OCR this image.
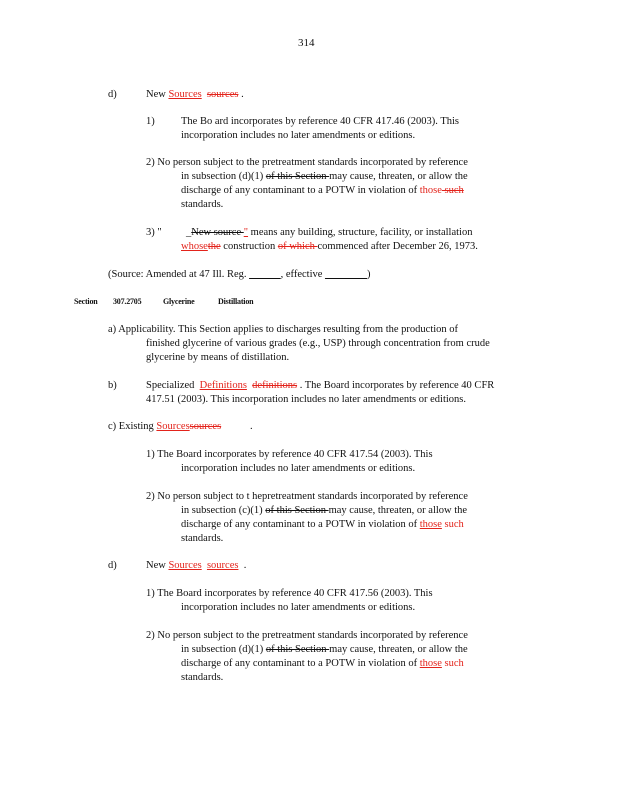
314
d)	New Sources sources .
1)	The Bo ard incorporates by reference 40 CFR 417.46 (2003). This
incorporation includes no later amendments or editions.
2) No person subject to the pretreatment standards incorporated by reference
in subsection (d)(1) of this Section may cause, threaten, or allow the
discharge of any contaminant to a POTW in violation of those such
standards.
3) " _New source " means any building, structure, facility, or installation
whosethe construction of which commenced after December 26, 1973.
(Source: Amended at 47 Ill. Reg. ______, effective ________)
Section 307.2705	Glycerine	Distillation
a) Applicability. This Section applies to discharges resulting from the production of
finished glycerine of various grades (e.g., USP) through concentration from crude
glycerine by means of distillation.
b)	Specialized  Definitions definitions . The Board incorporates by reference 40 CFR
417.51 (2003). This incorporation includes no later amendments or editions.
c) Existing Sourcessources           .
1) The Board incorporates by reference 40 CFR 417.54 (2003). This
incorporation includes no later amendments or editions.
2) No person subject to t hepretreatment standards incorporated by reference
in subsection (c)(1) of this Section may cause, threaten, or allow the
discharge of any contaminant to a POTW in violation of those such
standards.
d)	New Sources sources  .
1) The Board incorporates by reference 40 CFR 417.56 (2003). This
incorporation includes no later amendments or editions.
2) No person subject to the pretreatment standards incorporated by reference
in subsection (d)(1) of this Section may cause, threaten, or allow the
discharge of any contaminant to a POTW in violation of those such
standards.
